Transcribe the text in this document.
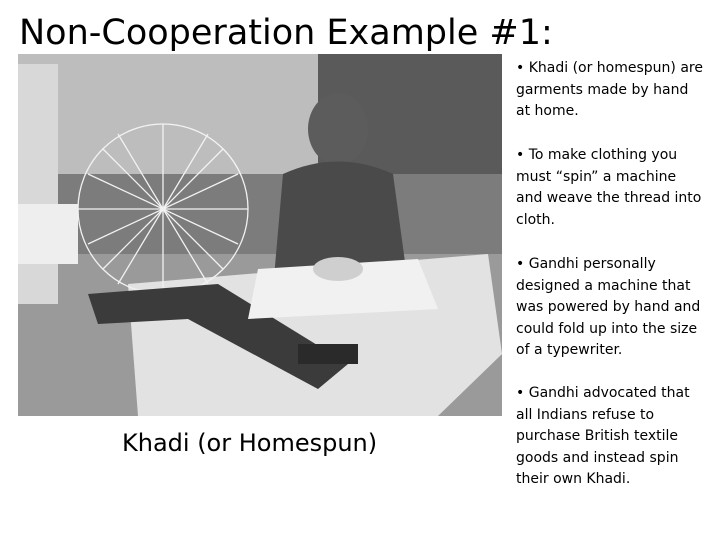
Non-Cooperation Example #1:
Khadi (or Homespun)

• Khadi (or homespun) are garments made by hand at home.

• To make clothing you must “spin” a machine and weave the thread into cloth.

• Gandhi personally designed a machine that was powered by hand and could fold up into the size of a typewriter.

• Gandhi advocated that all Indians refuse to purchase British textile goods and instead spin their own Khadi.
